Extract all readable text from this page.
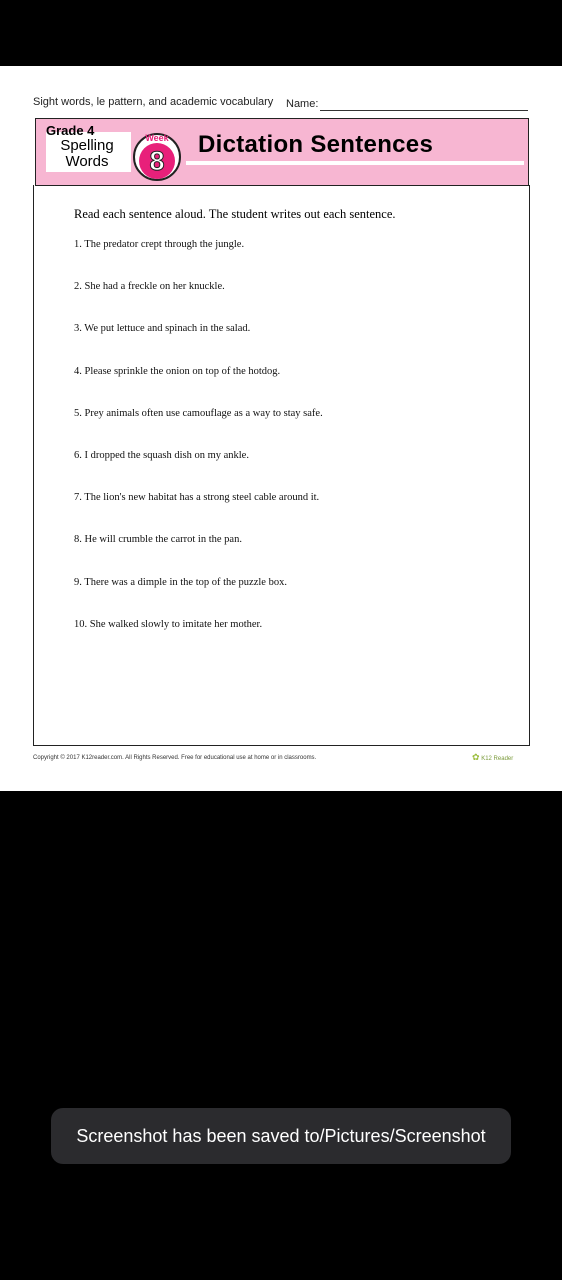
Sight words, le pattern, and academic vocabulary Name:
Grade 4
Spelling
Words
Week
8
Dictation Sentences
Read each sentence aloud. The student writes out each sentence.
1. The predator crept through the jungle.
2. She had a freckle on her knuckle.
3. We put lettuce and spinach in the salad.
4. Please sprinkle the onion on top of the hotdog.
5. Prey animals often use camouflage as a way to stay safe.
6. I dropped the squash dish on my ankle.
7. The lion's new habitat has a strong steel cable around it.
8. He will crumble the carrot in the pan.
9. There was a dimple in the top of the puzzle box.
10. She walked slowly to imitate her mother.
Copyright © 2017 K12reader.com. All Rights Reserved. Free for educational use at home or in classrooms.	✿ K12 Reader
Screenshot has been saved to/Pictures/Screenshot
